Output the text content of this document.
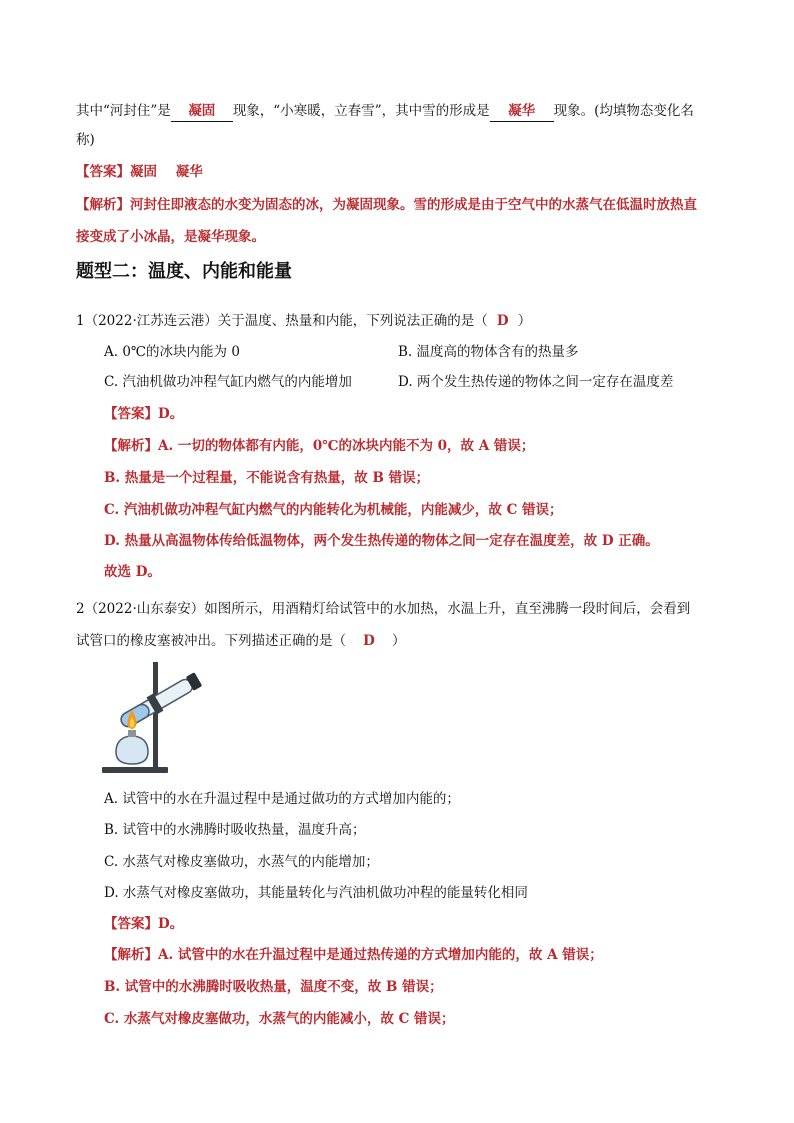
其中“河封住”是 凝固 现象，“小寒暖，立春雪”，其中雪的形成是 凝华 现象。(均填物态变化名
称)
【答案】凝固    凝华
【解析】河封住即液态的水变为固态的冰，为凝固现象。雪的形成是由于空气中的水蒸气在低温时放热直
接变成了小冰晶，是凝华现象。
题型二：温度、内能和能量
1（2022·江苏连云港）关于温度、热量和内能，下列说法正确的是（ D ）
A. 0℃的冰块内能为 0	B. 温度高的物体含有的热量多
C. 汽油机做功冲程气缸内燃气的内能增加	D. 两个发生热传递的物体之间一定存在温度差
【答案】D。
【解析】A. 一切的物体都有内能，0℃的冰块内能不为 0，故 A 错误；
B. 热量是一个过程量，不能说含有热量，故 B 错误；
C. 汽油机做功冲程气缸内燃气的内能转化为机械能，内能减少，故 C 错误；
D. 热量从高温物体传给低温物体，两个发生热传递的物体之间一定存在温度差，故 D 正确。
故选 D。
2（2022·山东泰安）如图所示，用酒精灯给试管中的水加热，水温上升，直至沸腾一段时间后，会看到
试管口的橡皮塞被冲出。下列描述正确的是（ D ）
A. 试管中的水在升温过程中是通过做功的方式增加内能的；
B. 试管中的水沸腾时吸收热量，温度升高；
C. 水蒸气对橡皮塞做功，水蒸气的内能增加；
D. 水蒸气对橡皮塞做功，其能量转化与汽油机做功冲程的能量转化相同
【答案】D。
【解析】A. 试管中的水在升温过程中是通过热传递的方式增加内能的，故 A 错误；
B. 试管中的水沸腾时吸收热量，温度不变，故 B 错误；
C. 水蒸气对橡皮塞做功，水蒸气的内能减小，故 C 错误；
